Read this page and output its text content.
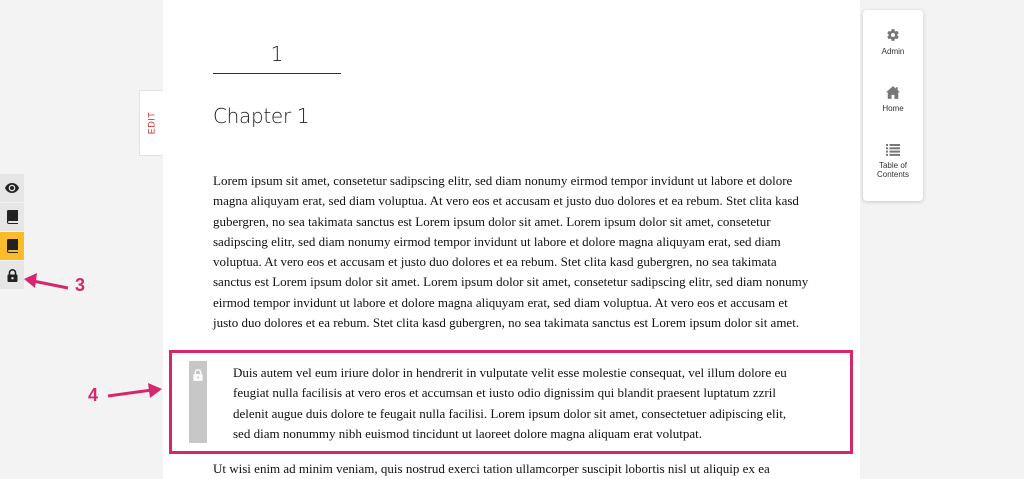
EDIT
1
Chapter 1

Lorem ipsum sit amet, consetetur sadipscing elitr, sed diam nonumy eirmod tempor invidunt ut labore et dolore magna aliquyam erat, sed diam voluptua. At vero eos et accusam et justo duo dolores et ea rebum. Stet clita kasd gubergren, no sea takimata sanctus est Lorem ipsum dolor sit amet. Lorem ipsum dolor sit amet, consetetur sadipscing elitr, sed diam nonumy eirmod tempor invidunt ut labore et dolore magna aliquyam erat, sed diam voluptua. At vero eos et accusam et justo duo dolores et ea rebum. Stet clita kasd gubergren, no sea takimata sanctus est Lorem ipsum dolor sit amet. Lorem ipsum dolor sit amet, consetetur sadipscing elitr, sed diam nonumy eirmod tempor invidunt ut labore et dolore magna aliquyam erat, sed diam voluptua. At vero eos et accusam et justo duo dolores et ea rebum. Stet clita kasd gubergren, no sea takimata sanctus est Lorem ipsum dolor sit amet.

Duis autem vel eum iriure dolor in hendrerit in vulputate velit esse molestie consequat, vel illum dolore eu feugiat nulla facilisis at vero eros et accumsan et iusto odio dignissim qui blandit praesent luptatum zzril delenit augue duis dolore te feugait nulla facilisi. Lorem ipsum dolor sit amet, consectetuer adipiscing elit, sed diam nonummy nibh euismod tincidunt ut laoreet dolore magna aliquam erat volutpat.

Ut wisi enim ad minim veniam, quis nostrud exerci tation ullamcorper suscipit lobortis nisl ut aliquip ex ea

Admin
Home
Table of
Contents
3
4
